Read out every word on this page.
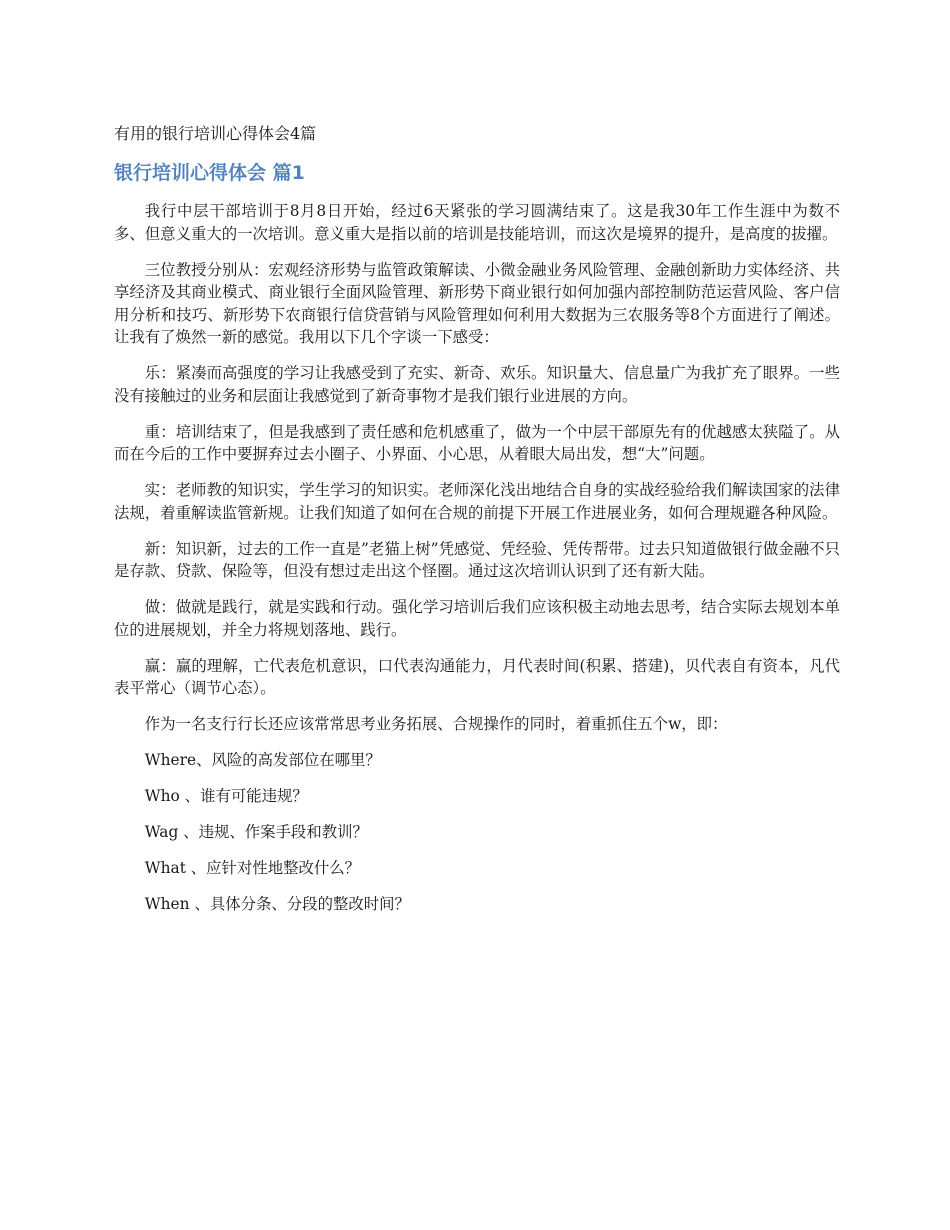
有用的银行培训心得体会4篇
银行培训心得体会 篇1

我行中层干部培训于8月8日开始，经过6天紧张的学习圆满结束了。这是我30年工作生涯中为数不多、但意义重大的一次培训。意义重大是指以前的培训是技能培训，而这次是境界的提升，是高度的拔擢。

三位教授分别从：宏观经济形势与监管政策解读、小微金融业务风险管理、金融创新助力实体经济、共享经济及其商业模式、商业银行全面风险管理、新形势下商业银行如何加强内部控制防范运营风险、客户信用分析和技巧、新形势下农商银行信贷营销与风险管理如何利用大数据为三农服务等8个方面进行了阐述。让我有了焕然一新的感觉。我用以下几个字谈一下感受：

乐：紧凑而高强度的学习让我感受到了充实、新奇、欢乐。知识量大、信息量广为我扩充了眼界。一些没有接触过的业务和层面让我感觉到了新奇事物才是我们银行业进展的方向。

重：培训结束了，但是我感到了责任感和危机感重了，做为一个中层干部原先有的优越感太狭隘了。从而在今后的工作中要摒弃过去小圈子、小界面、小心思，从着眼大局出发，想“大”问题。

实：老师教的知识实，学生学习的知识实。老师深化浅出地结合自身的实战经验给我们解读国家的法律法规，着重解读监管新规。让我们知道了如何在合规的前提下开展工作进展业务，如何合理规避各种风险。

新：知识新，过去的工作一直是”老猫上树”凭感觉、凭经验、凭传帮带。过去只知道做银行做金融不只是存款、贷款、保险等，但没有想过走出这个怪圈。通过这次培训认识到了还有新大陆。

做：做就是践行，就是实践和行动。强化学习培训后我们应该积极主动地去思考，结合实际去规划本单位的进展规划，并全力将规划落地、践行。

赢：赢的理解，亡代表危机意识，口代表沟通能力，月代表时间(积累、搭建)，贝代表自有资本，凡代表平常心（调节心态）。

作为一名支行行长还应该常常思考业务拓展、合规操作的同时，着重抓住五个w，即：

Where、风险的高发部位在哪里？

Who 、谁有可能违规？

Wag 、违规、作案手段和教训？

What 、应针对性地整改什么？

When 、具体分条、分段的整改时间？
